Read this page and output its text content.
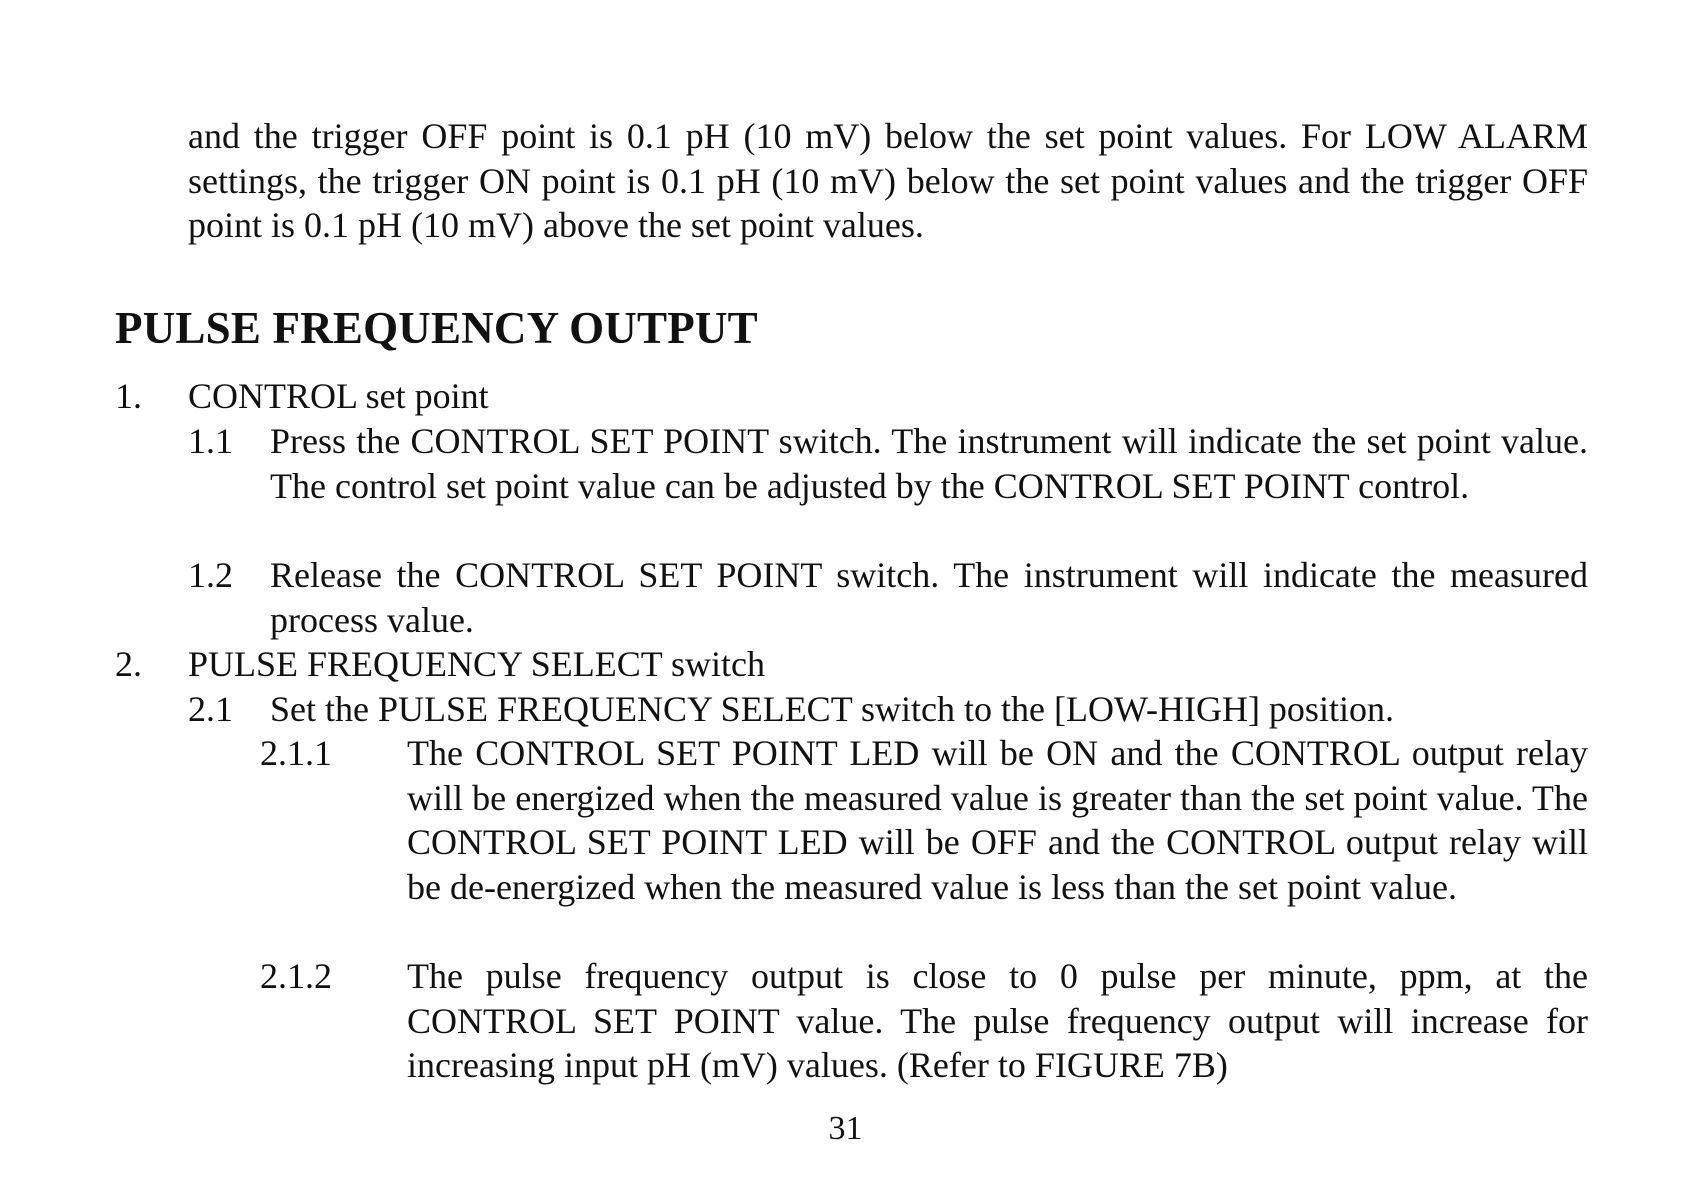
and the trigger OFF point is 0.1 pH (10 mV) below the set point values. For LOW ALARM settings, the trigger ON point is 0.1 pH (10 mV) below the set point values and the trigger OFF point is 0.1 pH (10 mV) above the set point values.

PULSE FREQUENCY OUTPUT
1. CONTROL set point
1.1 Press the CONTROL SET POINT switch. The instrument will indicate the set point value. The control set point value can be adjusted by the CONTROL SET POINT control.

1.2 Release the CONTROL SET POINT switch. The instrument will indicate the measured process value.

2. PULSE FREQUENCY SELECT switch
2.1 Set the PULSE FREQUENCY SELECT switch to the [LOW-HIGH] position.
2.1.1 The CONTROL SET POINT LED will be ON and the CONTROL output relay will be energized when the measured value is greater than the set point value. The CONTROL SET POINT LED will be OFF and the CONTROL output relay will be de-energized when the measured value is less than the set point value.

2.1.2 The pulse frequency output is close to 0 pulse per minute, ppm, at the CONTROL SET POINT value. The pulse frequency output will increase for increasing input pH (mV) values. (Refer to FIGURE 7B)

31
